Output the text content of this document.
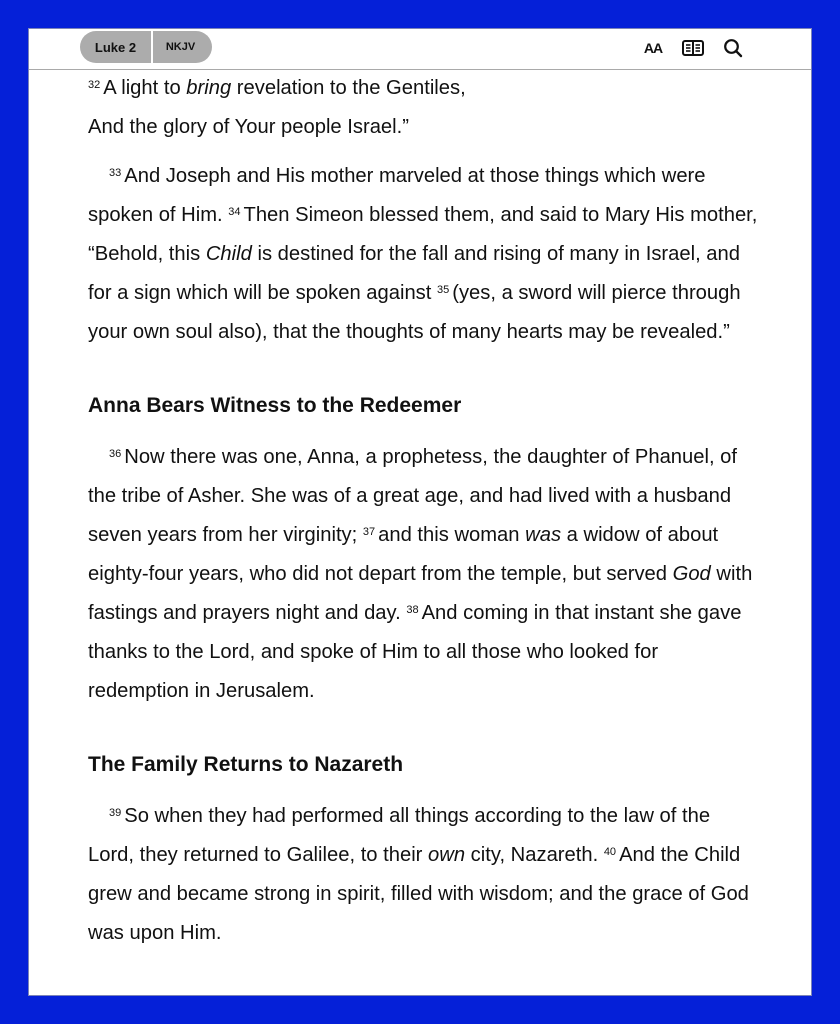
Luke 2	NKJV	AA

$^{32}$ A light to bring revelation to the Gentiles,

And the glory of Your people Israel.”

$^{33}$ And Joseph and His mother marveled at those things which were spoken of Him. $^{34}$ Then Simeon blessed them, and said to Mary His mother, “Behold, this Child is destined for the fall and rising of many in Israel, and for a sign which will be spoken against $^{35}$ (yes, a sword will pierce through your own soul also), that the thoughts of many hearts may be revealed.”

Anna Bears Witness to the Redeemer

$^{36}$ Now there was one, Anna, a prophetess, the daughter of Phanuel, of the tribe of Asher. She was of a great age, and had lived with a husband seven years from her virginity; $^{37}$ and this woman was a widow of about eighty-four years, who did not depart from the temple, but served God with fastings and prayers night and day. $^{38}$ And coming in that instant she gave thanks to the Lord, and spoke of Him to all those who looked for redemption in Jerusalem.

The Family Returns to Nazareth

$^{39}$ So when they had performed all things according to the law of the Lord, they returned to Galilee, to their own city, Nazareth. $^{40}$ And the Child grew and became strong in spirit, filled with wisdom; and the grace of God was upon Him.
